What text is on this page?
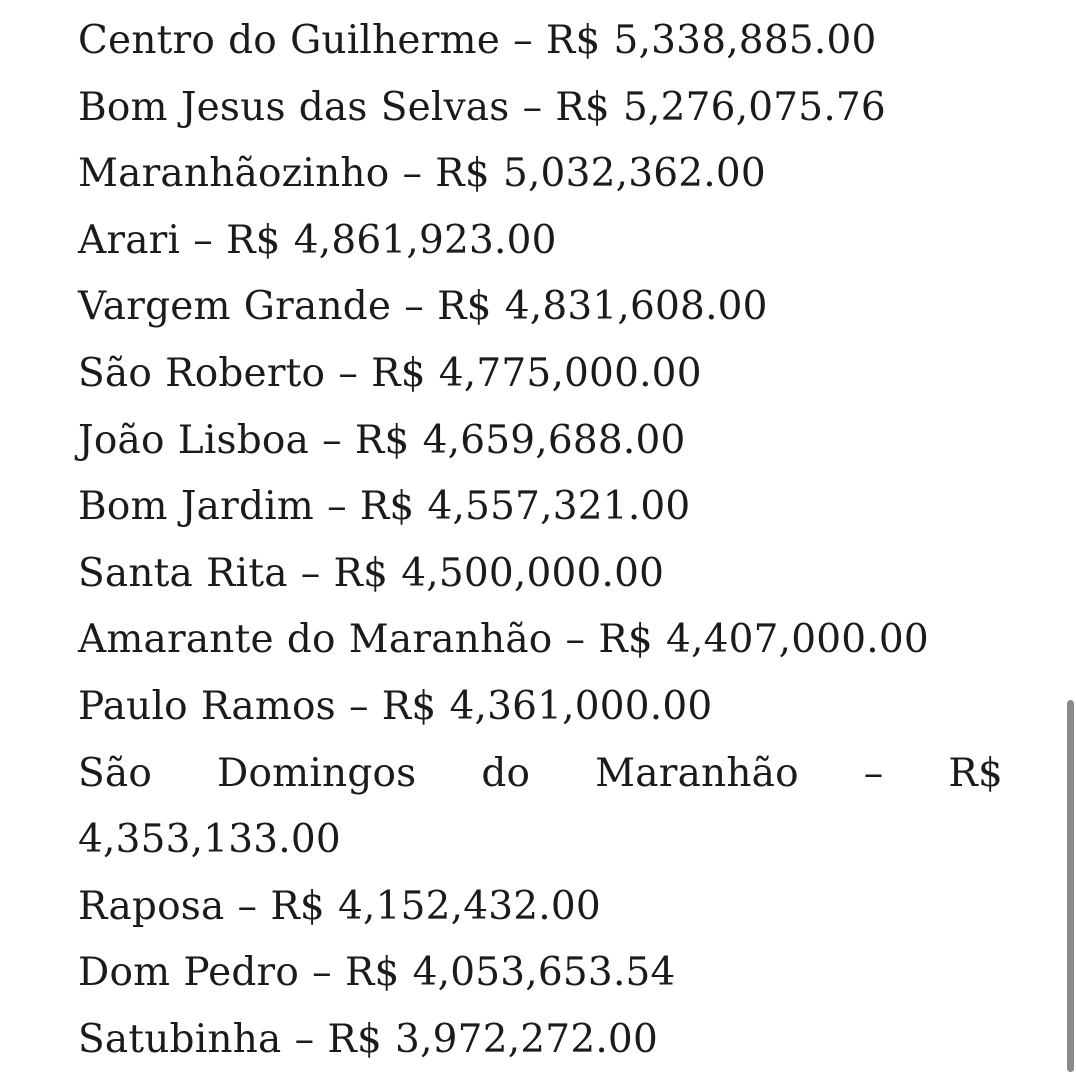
Centro do Guilherme – R$ 5,338,885.00
Bom Jesus das Selvas – R$ 5,276,075.76
Maranhãozinho – R$ 5,032,362.00
Arari – R$ 4,861,923.00
Vargem Grande – R$ 4,831,608.00
São Roberto – R$ 4,775,000.00
João Lisboa – R$ 4,659,688.00
Bom Jardim – R$ 4,557,321.00
Santa Rita – R$ 4,500,000.00
Amarante do Maranhão – R$ 4,407,000.00
Paulo Ramos – R$ 4,361,000.00
São Domingos do Maranhão – R$ 4,353,133.00
Raposa – R$ 4,152,432.00
Dom Pedro – R$ 4,053,653.54
Satubinha – R$ 3,972,272.00
